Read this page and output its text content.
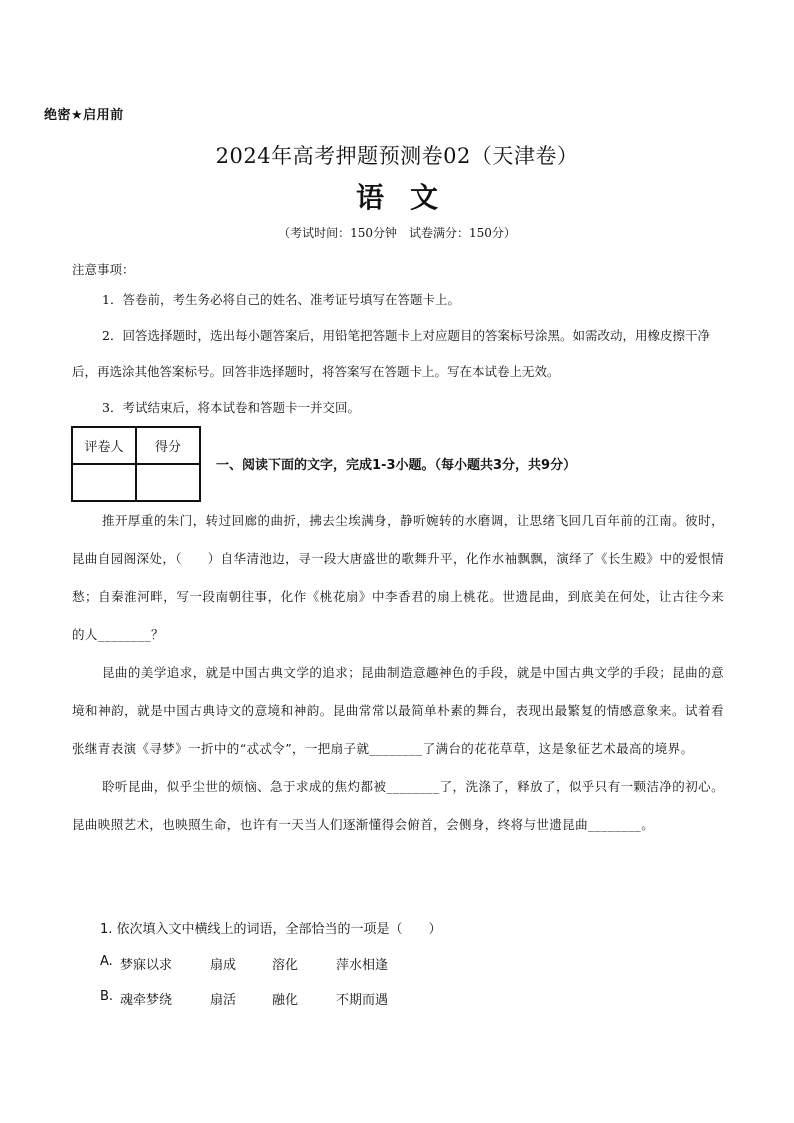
绝密★启用前
2024年高考押题预测卷02（天津卷）
语文
（考试时间：150分钟　试卷满分：150分）
注意事项：

1．答卷前，考生务必将自己的姓名、准考证号填写在答题卡上。

2．回答选择题时，选出每小题答案后，用铅笔把答题卡上对应题目的答案标号涂黑。如需改动，用橡皮擦干净后，再选涂其他答案标号。回答非选择题时，将答案写在答题卡上。写在本试卷上无效。

3．考试结束后，将本试卷和答题卡一并交回。

评卷人	得分

一、阅读下面的文字，完成1-3小题。（每小题共3分，共9分）

推开厚重的朱门，转过回廊的曲折，拂去尘埃满身，静听婉转的水磨调，让思绪飞回几百年前的江南。彼时，昆曲自园阁深处，（　　）自华清池边，寻一段大唐盛世的歌舞升平，化作水袖飘飘，演绎了《长生殿》中的爱恨情愁；自秦淮河畔，写一段南朝往事，化作《桃花扇》中李香君的扇上桃花。世遗昆曲，到底美在何处，让古往今来的人________？

昆曲的美学追求，就是中国古典文学的追求；昆曲制造意趣神色的手段，就是中国古典文学的手段；昆曲的意境和神韵，就是中国古典诗文的意境和神韵。昆曲常常以最简单朴素的舞台，表现出最繁复的情感意象来。试着看张继青表演《寻梦》一折中的“忒忒令”，一把扇子就________了满台的花花草草，这是象征艺术最高的境界。

聆听昆曲，似乎尘世的烦恼、急于求成的焦灼都被________了，洗涤了，释放了，似乎只有一颗洁净的初心。昆曲映照艺术，也映照生命，也许有一天当人们逐渐懂得会俯首，会侧身，终将与世遗昆曲________。

1. 依次填入文中横线上的词语，全部恰当的一项是（　　）
A. 梦寐以求	扇成	溶化	萍水相逢
B. 魂牵梦绕	扇活	融化	不期而遇
